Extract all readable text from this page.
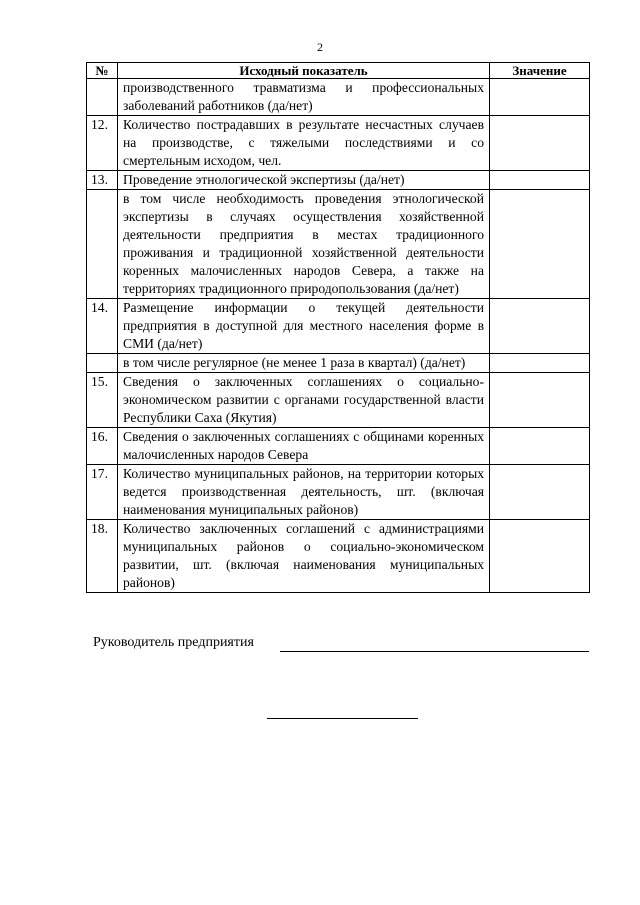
2
№	Исходный показатель	Значение
	производственного травматизма и профессиональных заболеваний работников (да/нет)	
12.	Количество пострадавших в результате несчастных случаев на производстве, с тяжелыми последствиями и со смертельным исходом, чел.	
13.	Проведение этнологической экспертизы (да/нет)	
	в том числе необходимость проведения этнологической экспертизы в случаях осуществления хозяйственной деятельности предприятия в местах традиционного проживания и традиционной хозяйственной деятельности коренных малочисленных народов Севера, а также на территориях традиционного природопользования (да/нет)	
14.	Размещение информации о текущей деятельности предприятия в доступной для местного населения форме в СМИ (да/нет)	
	в том числе регулярное (не менее 1 раза в квартал) (да/нет)	
15.	Сведения о заключенных соглашениях о социально-экономическом развитии с органами государственной власти Республики Саха (Якутия)	
16.	Сведения о заключенных соглашениях с общинами коренных малочисленных народов Севера	
17.	Количество муниципальных районов, на территории которых ведется производственная деятельность, шт. (включая наименования муниципальных районов)	
18.	Количество заключенных соглашений с администрациями муниципальных районов о социально-экономическом развитии, шт. (включая наименования муниципальных районов)	
Руководитель предприятия
